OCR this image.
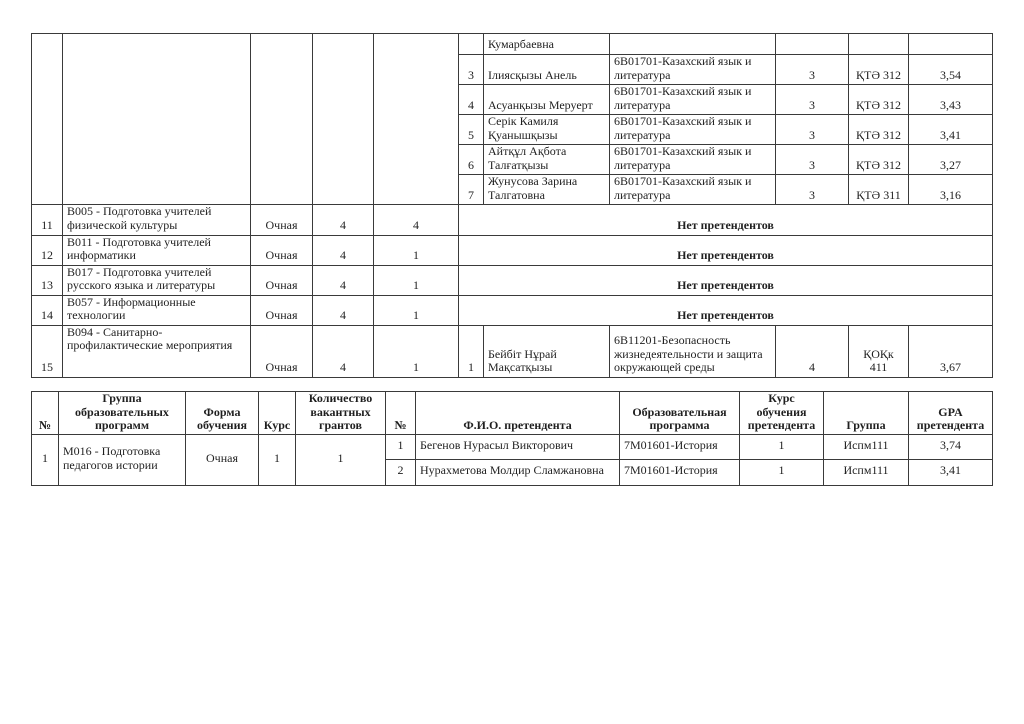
						Кумарбаевна				
					3	Ілиясқызы Анель	6В01701-Казахский язык и литература	3	ҚТӘ 312	3,54
					4	Асуанқызы Меруерт	6В01701-Казахский язык и литература	3	ҚТӘ 312	3,43
					5	Серік Камиля Қуанышқызы	6В01701-Казахский язык и литература	3	ҚТӘ 312	3,41
					6	Айтқұл Ақбота Талғатқызы	6В01701-Казахский язык и литература	3	ҚТӘ 312	3,27
					7	Жунусова Зарина Талгатовна	6В01701-Казахский язык и литература	3	ҚТӘ 311	3,16
11	B005 - Подготовка учителей физической культуры	Очная	4	4	Нет претендентов					
12	B011 - Подготовка учителей информатики	Очная	4	1	Нет претендентов					
13	B017 - Подготовка учителей русского языка и литературы	Очная	4	1	Нет претендентов					
14	B057 - Информационные технологии	Очная	4	1	Нет претендентов					
15	B094 - Санитарно-профилактические мероприятия	Очная	4	1	1	Бейбіт Нұрай Мақсатқызы	6В11201-Безопасность жизнедеятельности и защита окружающей среды	4	ҚОҚк 411	3,67
№	Группа образовательных программ	Форма обучения	Курс	Количество вакантных грантов	№	Ф.И.О. претендента	Образовательная программа	Курс обучения претендента	Группа	GPA претендента
1	М016 - Подготовка педагогов истории	Очная	1	1	1	Бегенов Нурасыл Викторович	7М01601-История	1	Испм111	3,74
					2	Нурахметова Молдир Сламжановна	7М01601-История	1	Испм111	3,41
